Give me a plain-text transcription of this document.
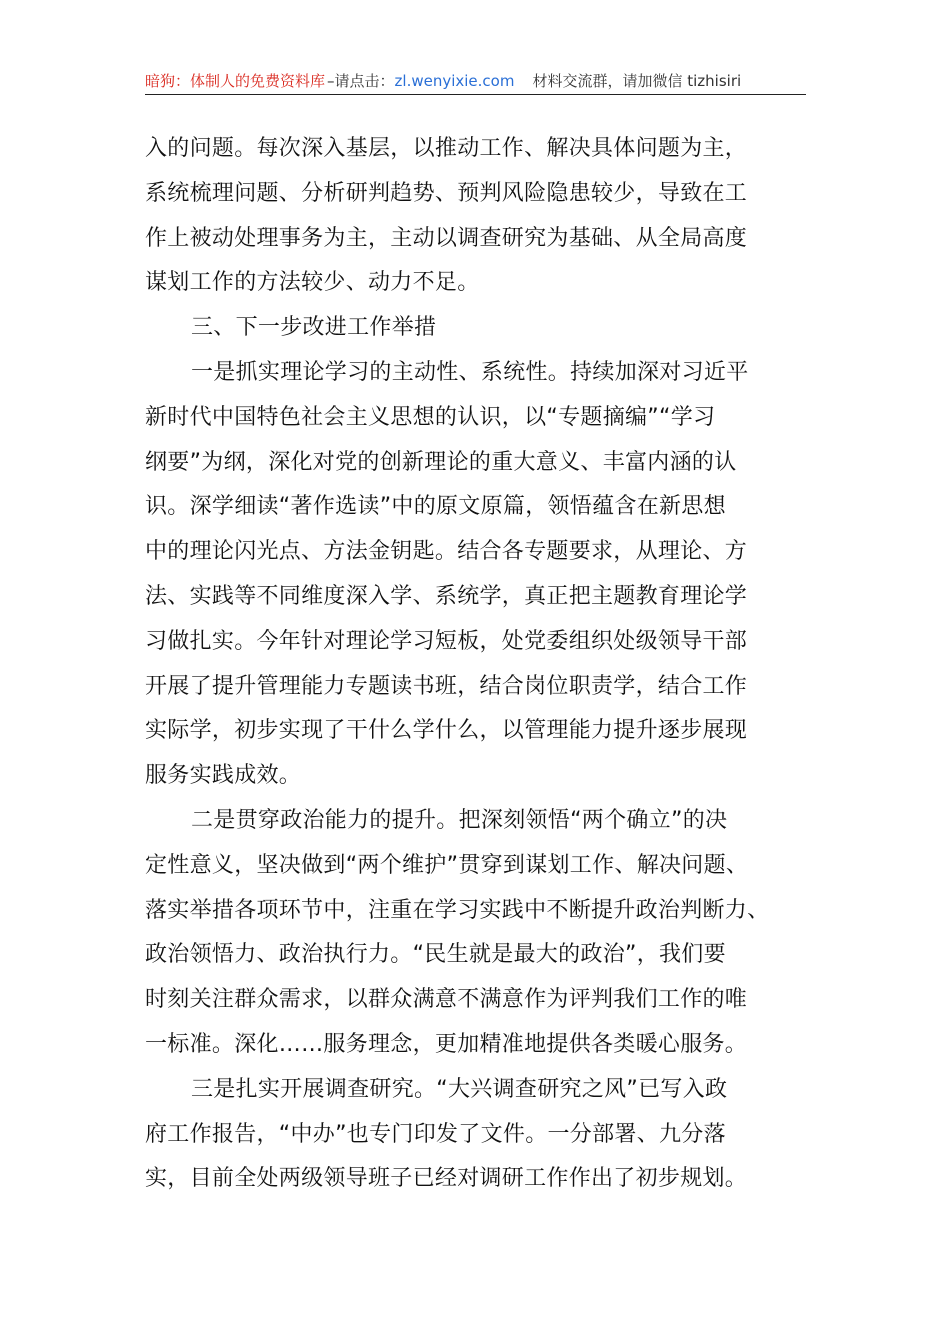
暗狗：体制人的免费资料库 –请点击：zl.wenyixie.com 材料交流群，请加微信 tizhisiri

入的问题。每次深入基层，以推动工作、解决具体问题为主，
系统梳理问题、分析研判趋势、预判风险隐患较少，导致在工
作上被动处理事务为主，主动以调查研究为基础、从全局高度
谋划工作的方法较少、动力不足。

三、下一步改进工作举措

一是抓实理论学习的主动性、系统性。持续加深对习近平
新时代中国特色社会主义思想的认识，以“专题摘编”“学习
纲要”为纲，深化对党的创新理论的重大意义、丰富内涵的认
识。深学细读“著作选读”中的原文原篇，领悟蕴含在新思想
中的理论闪光点、方法金钥匙。结合各专题要求，从理论、方
法、实践等不同维度深入学、系统学，真正把主题教育理论学
习做扎实。今年针对理论学习短板，处党委组织处级领导干部
开展了提升管理能力专题读书班，结合岗位职责学，结合工作
实际学，初步实现了干什么学什么，以管理能力提升逐步展现
服务实践成效。

二是贯穿政治能力的提升。把深刻领悟“两个确立”的决
定性意义，坚决做到“两个维护”贯穿到谋划工作、解决问题、
落实举措各项环节中，注重在学习实践中不断提升政治判断力、
政治领悟力、政治执行力。“民生就是最大的政治”，我们要
时刻关注群众需求，以群众满意不满意作为评判我们工作的唯
一标准。深化……服务理念，更加精准地提供各类暖心服务。

三是扎实开展调查研究。“大兴调查研究之风”已写入政
府工作报告，“中办”也专门印发了文件。一分部署、九分落
实，目前全处两级领导班子已经对调研工作作出了初步规划。
